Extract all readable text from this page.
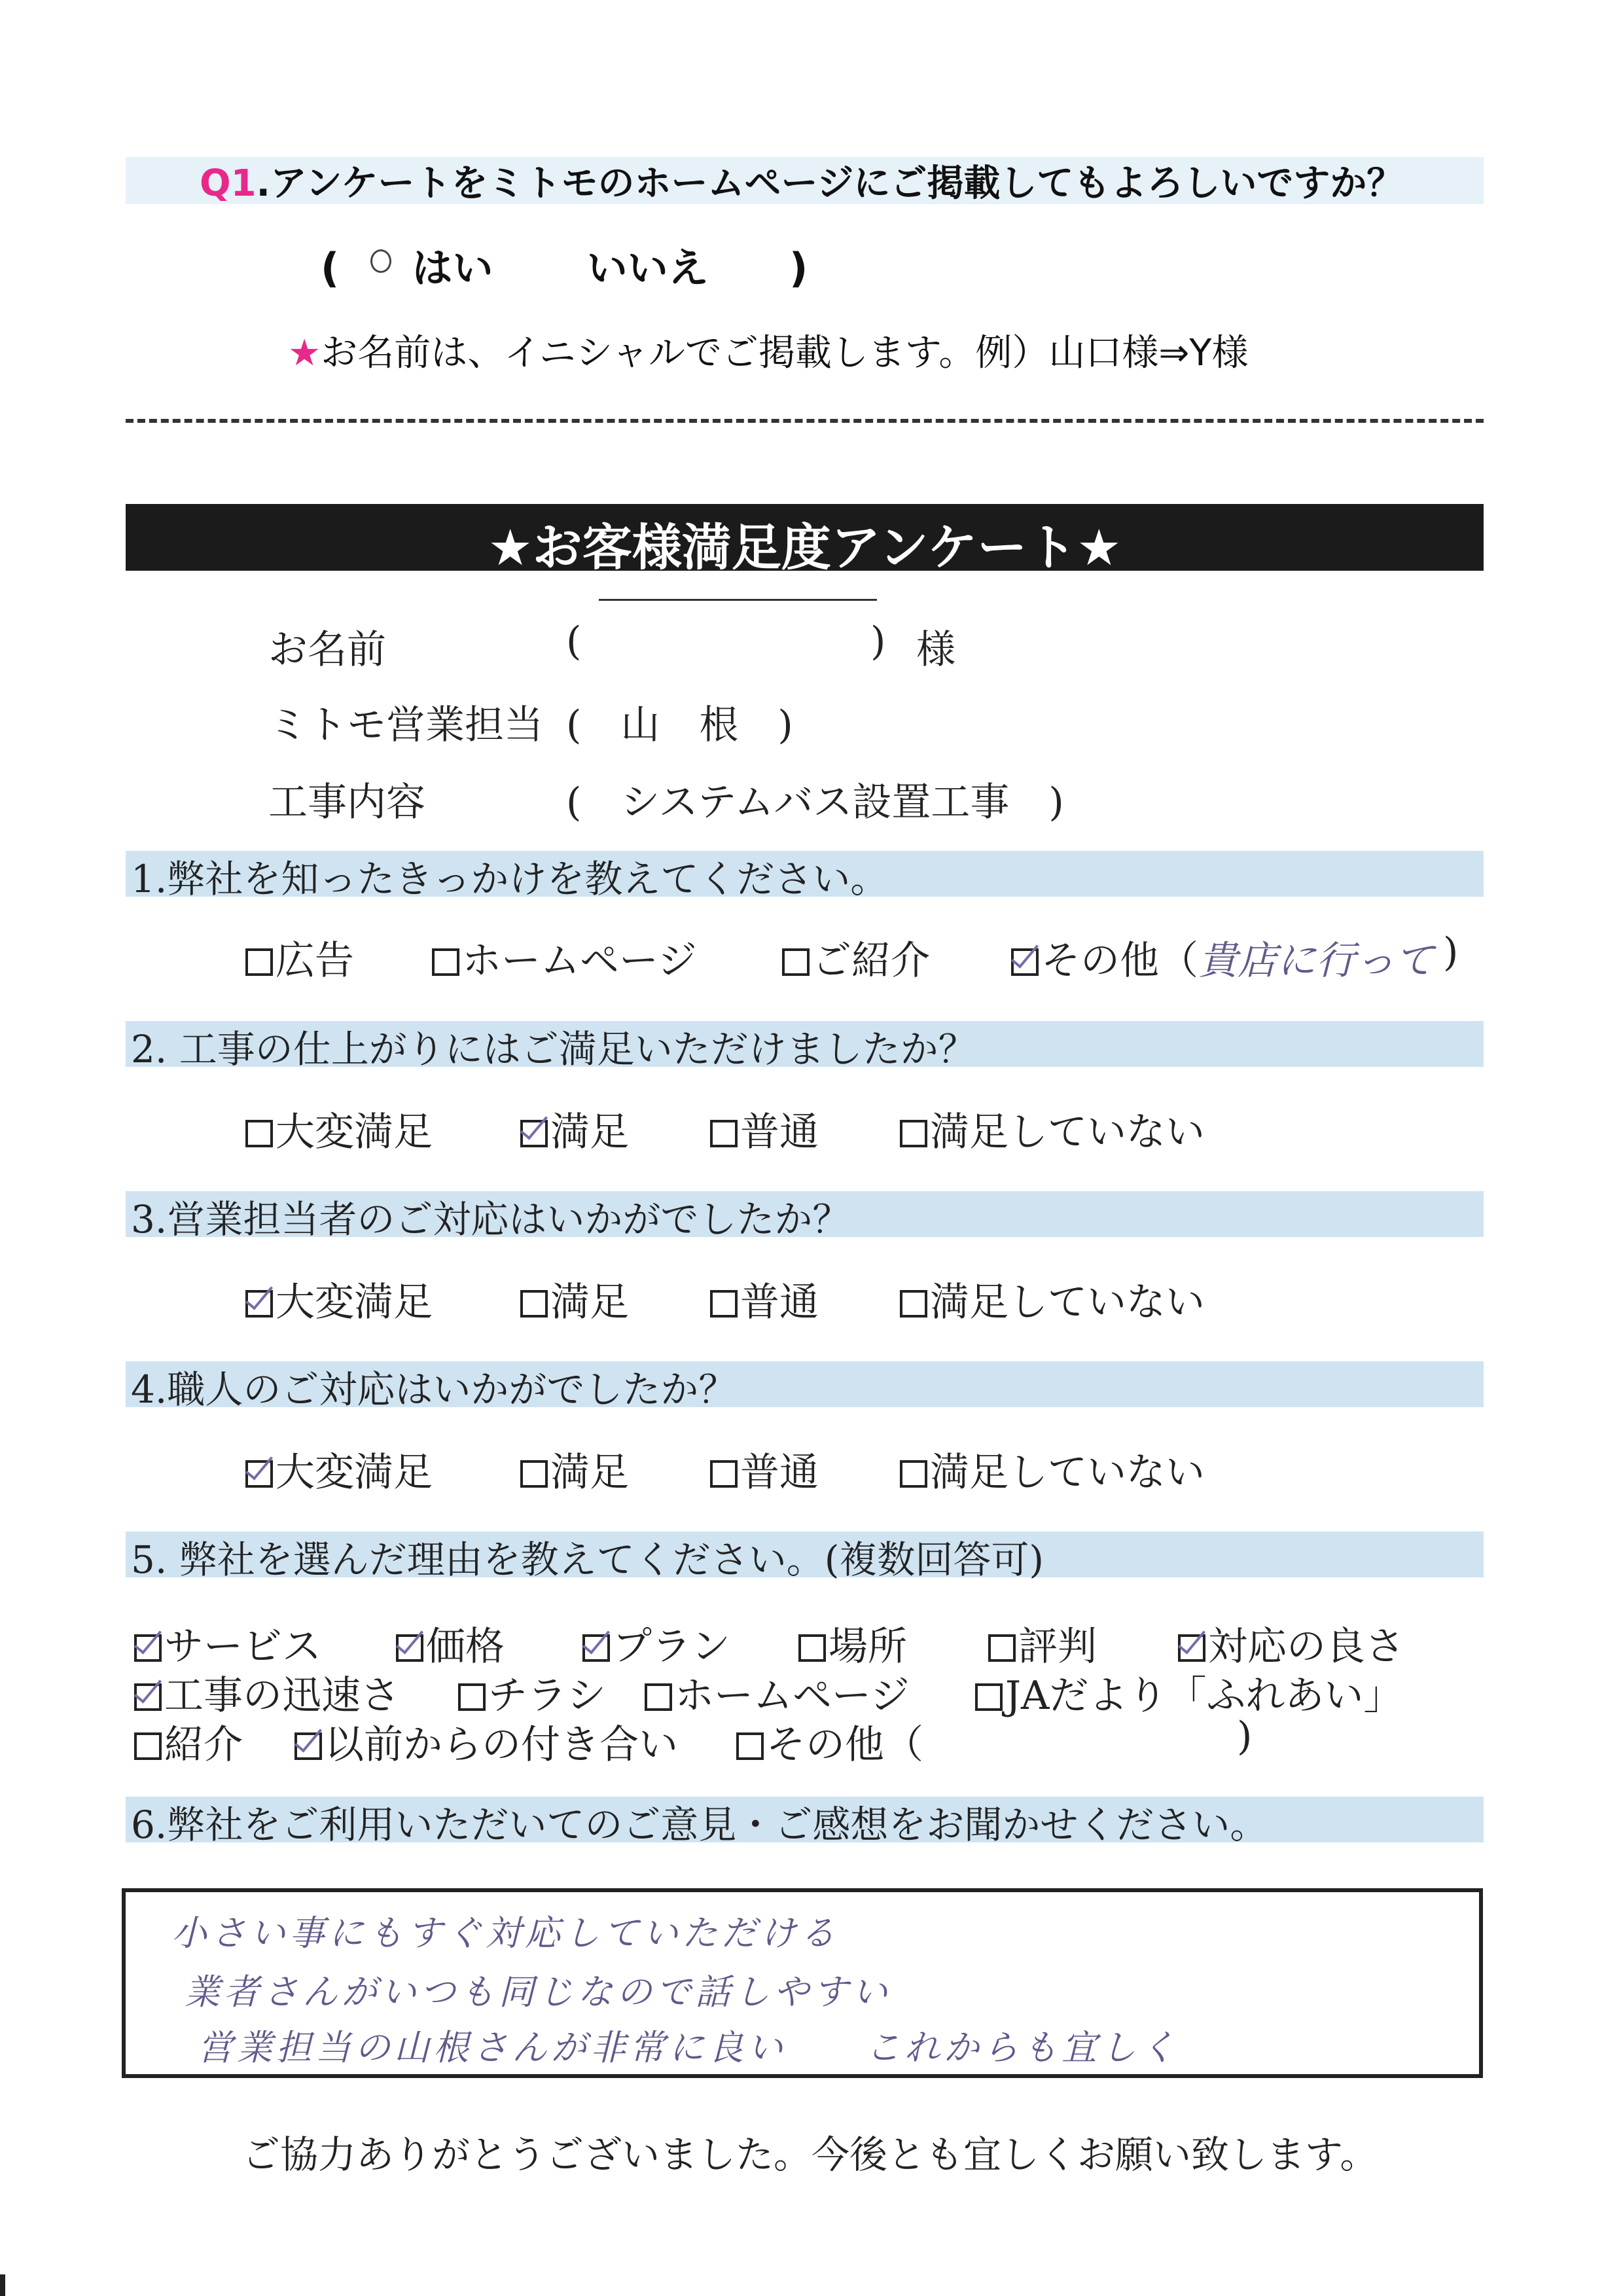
Q1.アンケートをミトモのホームページにご掲載してもよろしいですか？
( はい いいえ )
★お名前は、イニシャルでご掲載します。例）山口様⇒Y様
★お客様満足度アンケート★
お名前	(	) 様
ミトモ営業担当 (　山　根　)
工事内容	(　システムバス設置工事　)
1.弊社を知ったきっかけを教えてください。
広告	ホームページ	ご紹介	その他（貴店に行って )
2. 工事の仕上がりにはご満足いただけましたか？
大変満足	満足	普通	満足していない
3.営業担当者のご対応はいかがでしたか？
大変満足	満足	普通	満足していない
4.職人のご対応はいかがでしたか？
大変満足	満足	普通	満足していない
5. 弊社を選んだ理由を教えてください。(複数回答可)
サービス	価格	プラン	場所	評判	対応の良さ
工事の迅速さ	チラシ	ホームページ	JAだより「ふれあい」
紹介	以前からの付き合い	その他（	)
6.弊社をご利用いただいてのご意見・ご感想をお聞かせください。
小さい事にもすぐ対応していただける
業者さんがいつも同じなので話しやすい
営業担当の山根さんが非常に良い　　これからも宜しく
ご協力ありがとうございました。今後とも宜しくお願い致します。
